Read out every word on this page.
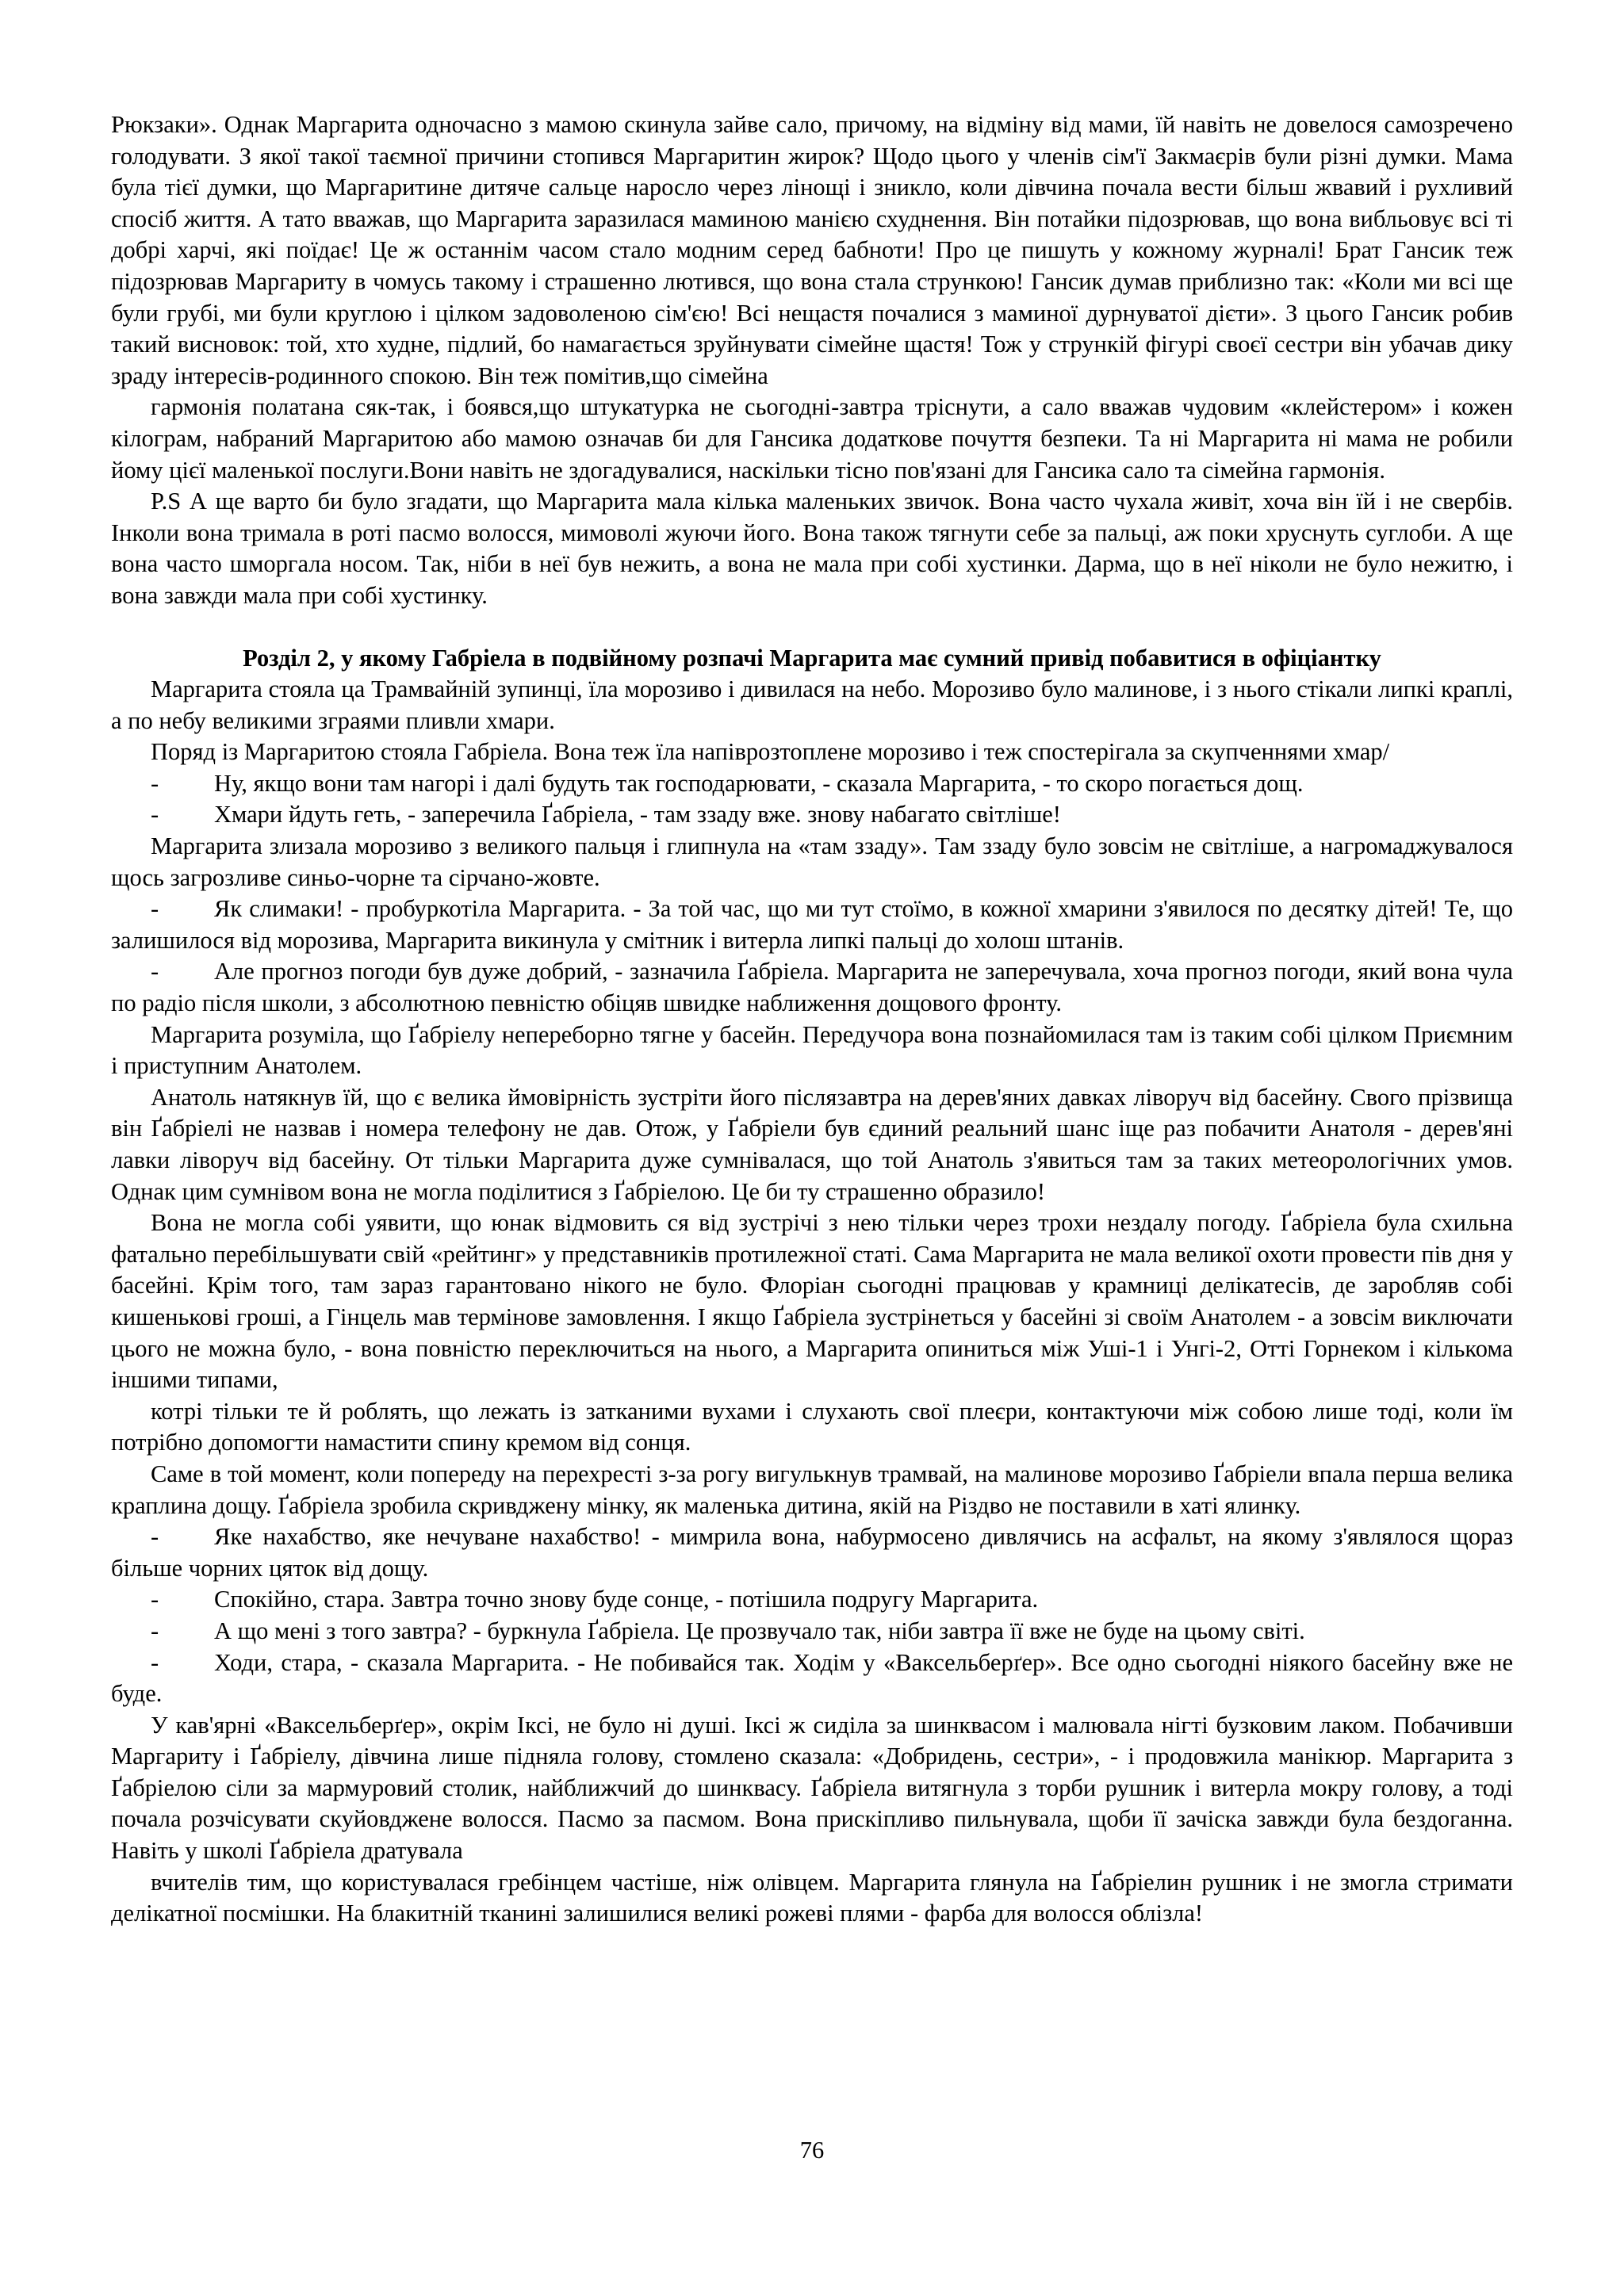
Рюкзаки». Однак Маргарита одночасно з мамою скинула зайве сало, причому, на відміну від мами, їй навіть не довелося самозречено голодувати. З якої такої таємної причини стопився Маргаритин жирок? Щодо цього у членів сім'ї Закмаєрів були різні думки. Мама була тієї думки, що Маргаритине дитяче сальце наросло через лінощі і зникло, коли дівчина почала вести більш жвавий і рухливий спосіб життя. А тато вважав, що Маргарита заразилася маминою манією схуднення. Він потайки підозрював, що вона вибльовує всі ті добрі харчі, які поїдає! Це ж останнім часом стало модним серед бабноти! Про це пишуть у кожному журналі! Брат Гансик теж підозрював Маргариту в чомусь такому і страшенно лютився, що вона стала стрункою! Гансик думав приблизно так: «Коли ми всі ще були грубі, ми були круглою і цілком задоволеною сім'єю! Всі нещастя почалися з маминої дурнуватої дієти». З цього Гансик робив такий висновок: той, хто худне, підлий, бо намагається зруйнувати сімейне щастя! Тож у стрункій фігурі своєї сестри він убачав дику зраду інтересів-родинного спокою. Він теж помітив,що сімейна

гармонія полатана сяк-так, і боявся,що штукатурка не сьогодні-завтра тріснути, а сало вважав чудовим «клейстером» і кожен кілограм, набраний Маргаритою або мамою означав би для Гансика додаткове почуття безпеки. Та ні Маргарита ні мама не робили йому цієї маленької послуги.Вони навіть не здогадувалися, наскільки тісно пов'язані для Гансика сало та сімейна гармонія.

P.S А ще варто би було згадати, що Маргарита мала кілька маленьких звичок. Вона часто чухала живіт, хоча він їй і не свербів. Інколи вона тримала в роті пасмо волосся, мимоволі жуючи його. Вона також тягнути себе за пальці, аж поки хруснуть суглоби. А ще вона часто шморгала носом. Так, ніби в неї був нежить, а вона не мала при собі хустинки. Дарма, що в неї ніколи не було нежитю, і вона завжди мала при собі хустинку.

Розділ 2, у якому Габріела в подвійному розпачі Маргарита має сумний привід побавитися в офіціантку

Маргарита стояла ца Трамвайній зупинці, їла морозиво і дивилася на небо. Морозиво було малинове, і з нього стікали липкі краплі, а по небу великими зграями пливли хмари.

Поряд із Маргаритою стояла Габріела. Вона теж їла напіврозтоплене морозиво і теж спостерігала за скупченнями хмар/

- Ну, якщо вони там нагорі і далі будуть так господарювати, - сказала Маргарита, - то скоро погається дощ.

- Хмари йдуть геть, - заперечила Ґабріела, - там ззаду вже. знову набагато світліше!

Маргарита злизала морозиво з великого пальця і глипнула на «там ззаду». Там ззаду було зовсім не світліше, а нагромаджувалося щось загрозливе синьо-чорне та сірчано-жовте.

- Як слимаки! - пробуркотіла Маргарита. - За той час, що ми тут стоїмо, в кожної хмарини з'явилося по десятку дітей! Те, що залишилося від морозива, Маргарита викинула у смітник і витерла липкі пальці до холош штанів.

- Але прогноз погоди був дуже добрий, - зазначила Ґабріела. Маргарита не заперечувала, хоча прогноз погоди, який вона чула по радіо після школи, з абсолютною певністю обіцяв швидке наближення дощового фронту.

Маргарита розуміла, що Ґабріелу непереборно тягне у басейн. Передучора вона познайомилася там із таким собі цілком Приємним і приступним Анатолем.

Анатоль натякнув їй, що є велика ймовірність зустріти його післязавтра на дерев'яних давках ліворуч від басейну. Свого прізвища він Ґабріелі не назвав і номера телефону не дав. Отож, у Ґабріели був єдиний реальний шанс іще раз побачити Анатоля - дерев'яні лавки ліворуч від басейну. От тільки Маргарита дуже сумнівалася, що той Анатоль з'явиться там за таких метеорологічних умов. Однак цим сумнівом вона не могла поділитися з Ґабріелою. Це би ту страшенно образило!

Вона не могла собі уявити, що юнак відмовить ся від зустрічі з нею тільки через трохи нездалу погоду. Ґабріела була схильна фатально перебільшувати свій «рейтинг» у представників протилежної статі. Сама Маргарита не мала великої охоти провести пів дня у басейні. Крім того, там зараз гарантовано нікого не було. Флоріан сьогодні працював у крамниці делікатесів, де заробляв собі кишенькові гроші, а Гінцель мав термінове замовлення. І якщо Ґабріела зустрінеться у басейні зі своїм Анатолем - а зовсім виключати цього не можна було, - вона повністю переключиться на нього, а Маргарита опиниться між Уші-1 і Унгі-2, Отті Горнеком і кількома іншими типами,

котрі тільки те й роблять, що лежать із затканими вухами і слухають свої плеєри, контактуючи між собою лише тоді, коли їм потрібно допомогти намастити спину кремом від сонця.

Саме в той момент, коли попереду на перехресті з-за рогу вигулькнув трамвай, на малинове морозиво Ґабріели впала перша велика краплина дощу. Ґабріела зробила скривджену мінку, як маленька дитина, якій на Різдво не поставили в хаті ялинку.

- Яке нахабство, яке нечуване нахабство! - мимрила вона, набурмосено дивлячись на асфальт, на якому з'являлося щораз більше чорних цяток від дощу.

- Спокійно, стара. Завтра точно знову буде сонце, - потішила подругу Маргарита.

- А що мені з того завтра? - буркнула Ґабріела. Це прозвучало так, ніби завтра її вже не буде на цьому світі.

- Ходи, стара, - сказала Маргарита. - Не побивайся так. Ходім у «Ваксельберґер». Все одно сьогодні ніякого басейну вже не буде.

У кав'ярні «Ваксельберґер», окрім Іксі, не було ні душі. Іксі ж сиділа за шинквасом і малювала нігті бузковим лаком. Побачивши Маргариту і Ґабріелу, дівчина лише підняла голову, стомлено сказала: «Добридень, сестри», - і продовжила манікюр. Маргарита з Ґабріелою сіли за мармуровий столик, найближчий до шинквасу. Ґабріела витягнула з торби рушник і витерла мокру голову, а тоді почала розчісувати скуйовджене волосся. Пасмо за пасмом. Вона прискіпливо пильнувала, щоби її зачіска завжди була бездоганна. Навіть у школі Ґабріела дратувала

вчителів тим, що користувалася гребінцем частіше, ніж олівцем. Маргарита глянула на Ґабріелин рушник і не змогла стримати делікатної посмішки. На блакитній тканині залишилися великі рожеві плями - фарба для волосся облізла!

76
